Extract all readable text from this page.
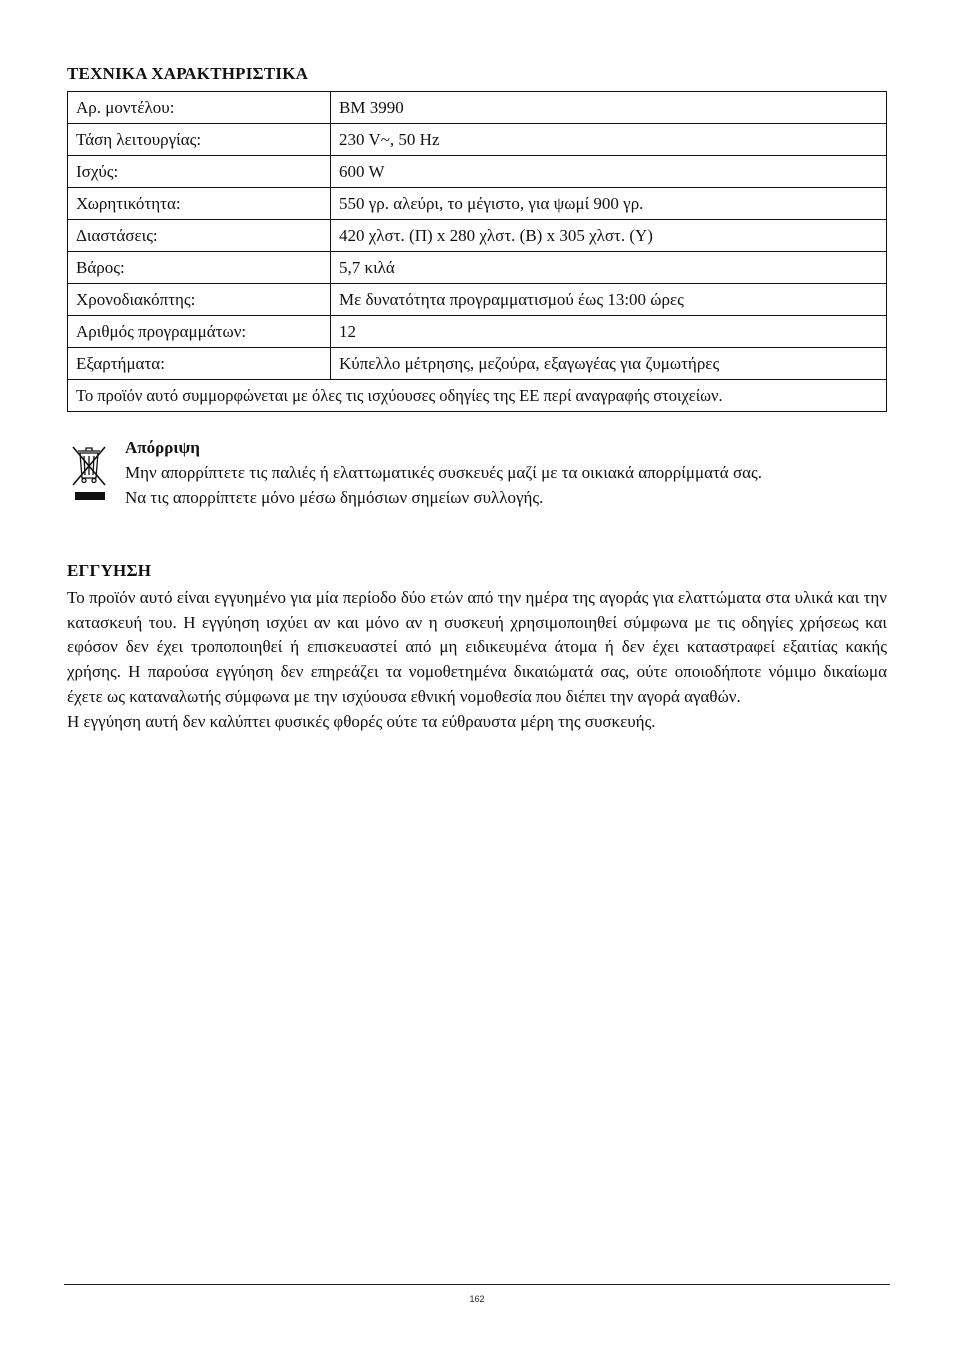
ΤΕΧΝΙΚΑ ΧΑΡΑΚΤΗΡΙΣΤΙΚΑ
Αρ. μοντέλου:	BM 3990
Τάση λειτουργίας:	230 V~, 50 Hz
Ισχύς:	600 W
Χωρητικότητα:	550 γρ. αλεύρι, το μέγιστο, για ψωμί 900 γρ.
Διαστάσεις:	420 χλστ. (Π) x 280 χλστ. (Β) x 305 χλστ. (Υ)
Βάρος:	5,7 κιλά
Χρονοδιακόπτης:	Με δυνατότητα προγραμματισμού έως 13:00 ώρες
Αριθμός προγραμμάτων:	12
Εξαρτήματα:	Κύπελλο μέτρησης, μεζούρα, εξαγωγέας για ζυμωτήρες
Το προϊόν αυτό συμμορφώνεται με όλες τις ισχύουσες οδηγίες της ΕΕ περί αναγραφής στοιχείων.	
Απόρριψη
Μην απορρίπτετε τις παλιές ή ελαττωματικές συσκευές μαζί με τα οικιακά απορρίμματά σας.
Να τις απορρίπτετε μόνο μέσω δημόσιων σημείων συλλογής.
ΕΓΓΥΗΣΗ

Το προϊόν αυτό είναι εγγυημένο για μία περίοδο δύο ετών από την ημέρα της αγοράς για ελαττώματα στα υλικά και την κατασκευή του. Η εγγύηση ισχύει αν και μόνο αν η συσκευή χρησιμοποιηθεί σύμφωνα με τις οδηγίες χρήσεως και εφόσον δεν έχει τροποποιηθεί ή επισκευαστεί από μη ειδικευμένα άτομα ή δεν έχει καταστραφεί εξαιτίας κακής χρήσης. Η παρούσα εγγύηση δεν επηρεάζει τα νομοθετημένα δικαιώματά σας, ούτε οποιοδήποτε νόμιμο δικαίωμα έχετε ως καταναλωτής σύμφωνα με την ισχύουσα εθνική νομοθεσία που διέπει την αγορά αγαθών.

Η εγγύηση αυτή δεν καλύπτει φυσικές φθορές ούτε τα εύθραυστα μέρη της συσκευής.

162
